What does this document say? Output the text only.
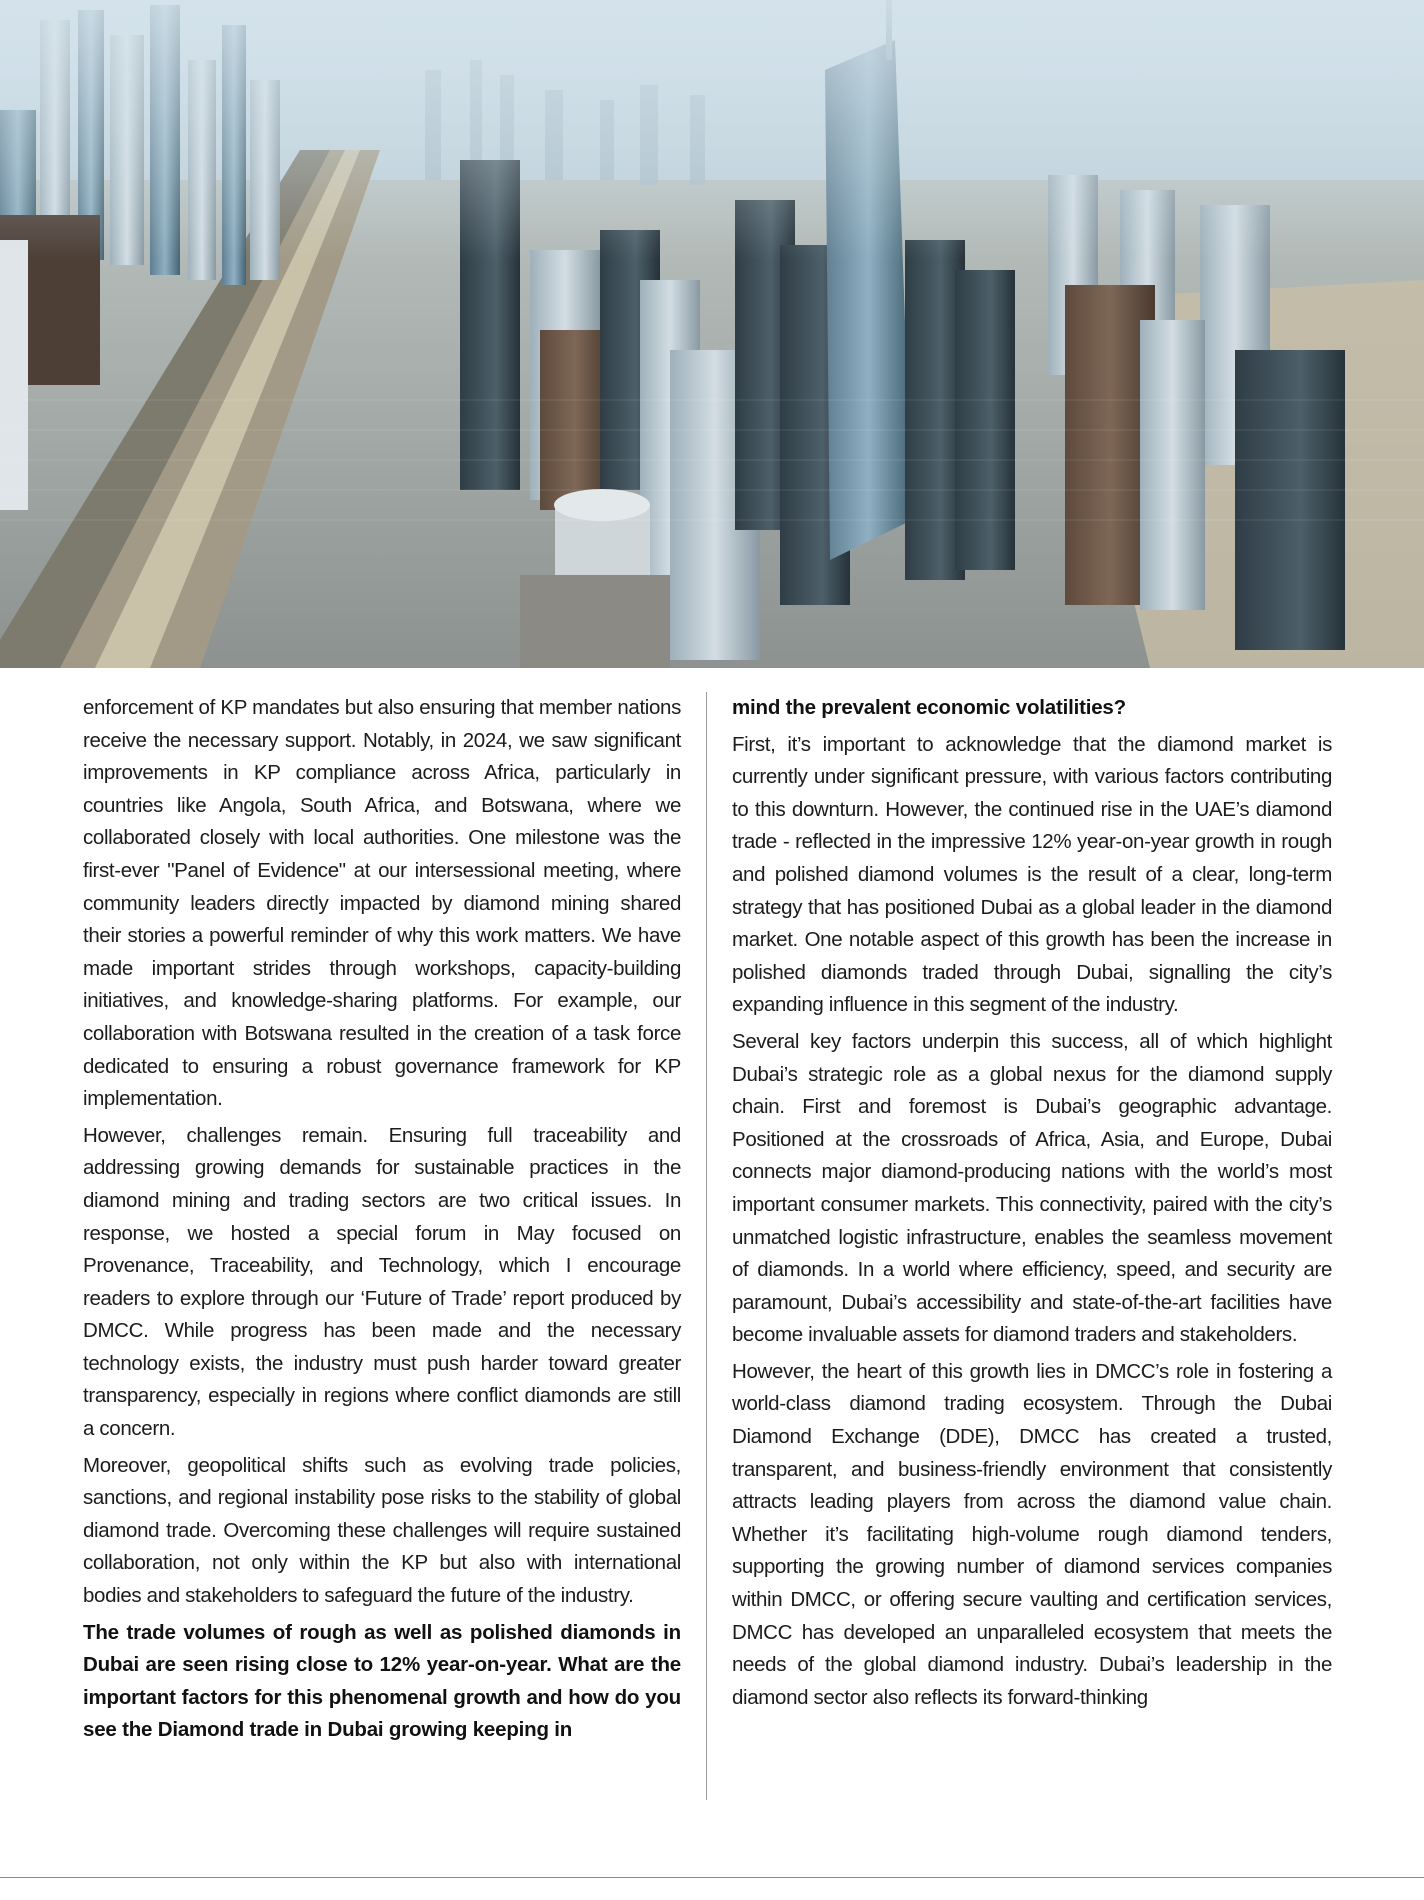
enforcement of KP mandates but also ensuring that member nations receive the necessary support. Notably, in 2024, we saw significant improvements in KP compliance across Africa, particularly in countries like Angola, South Africa, and Botswana, where we collaborated closely with local authorities. One milestone was the first-ever "Panel of Evidence" at our intersessional meeting, where community leaders directly impacted by diamond mining shared their stories a powerful reminder of why this work matters. We have made important strides through workshops, capacity-building initiatives, and knowledge-sharing platforms. For example, our collaboration with Botswana resulted in the creation of a task force dedicated to ensuring a robust governance framework for KP implementation.

However, challenges remain. Ensuring full traceability and addressing growing demands for sustainable practices in the diamond mining and trading sectors are two critical issues. In response, we hosted a special forum in May focused on Provenance, Traceability, and Technology, which I encourage readers to explore through our ‘Future of Trade’ report produced by DMCC. While progress has been made and the necessary technology exists, the industry must push harder toward greater transparency, especially in regions where conflict diamonds are still a concern.

Moreover, geopolitical shifts such as evolving trade policies, sanctions, and regional instability pose risks to the stability of global diamond trade. Overcoming these challenges will require sustained collaboration, not only within the KP but also with international bodies and stakeholders to safeguard the future of the industry.

The trade volumes of rough as well as polished diamonds in Dubai are seen rising close to 12% year-on-year. What are the important factors for this phenomenal growth and how do you see the Diamond trade in Dubai growing keeping in

mind the prevalent economic volatilities?

First, it’s important to acknowledge that the diamond market is currently under significant pressure, with various factors contributing to this downturn. However, the continued rise in the UAE’s diamond trade - reflected in the impressive 12% year-on-year growth in rough and polished diamond volumes is the result of a clear, long-term strategy that has positioned Dubai as a global leader in the diamond market. One notable aspect of this growth has been the increase in polished diamonds traded through Dubai, signalling the city’s expanding influence in this segment of the industry.

Several key factors underpin this success, all of which highlight Dubai’s strategic role as a global nexus for the diamond supply chain. First and foremost is Dubai’s geographic advantage. Positioned at the crossroads of Africa, Asia, and Europe, Dubai connects major diamond-producing nations with the world’s most important consumer markets. This connectivity, paired with the city’s unmatched logistic infrastructure, enables the seamless movement of diamonds. In a world where efficiency, speed, and security are paramount, Dubai’s accessibility and state-of-the-art facilities have become invaluable assets for diamond traders and stakeholders.

However, the heart of this growth lies in DMCC’s role in fostering a world-class diamond trading ecosystem. Through the Dubai Diamond Exchange (DDE), DMCC has created a trusted, transparent, and business-friendly environment that consistently attracts leading players from across the diamond value chain. Whether it’s facilitating high-volume rough diamond tenders, supporting the growing number of diamond services companies within DMCC, or offering secure vaulting and certification services, DMCC has developed an unparalleled ecosystem that meets the needs of the global diamond industry. Dubai’s leadership in the diamond sector also reflects its forward-thinking
